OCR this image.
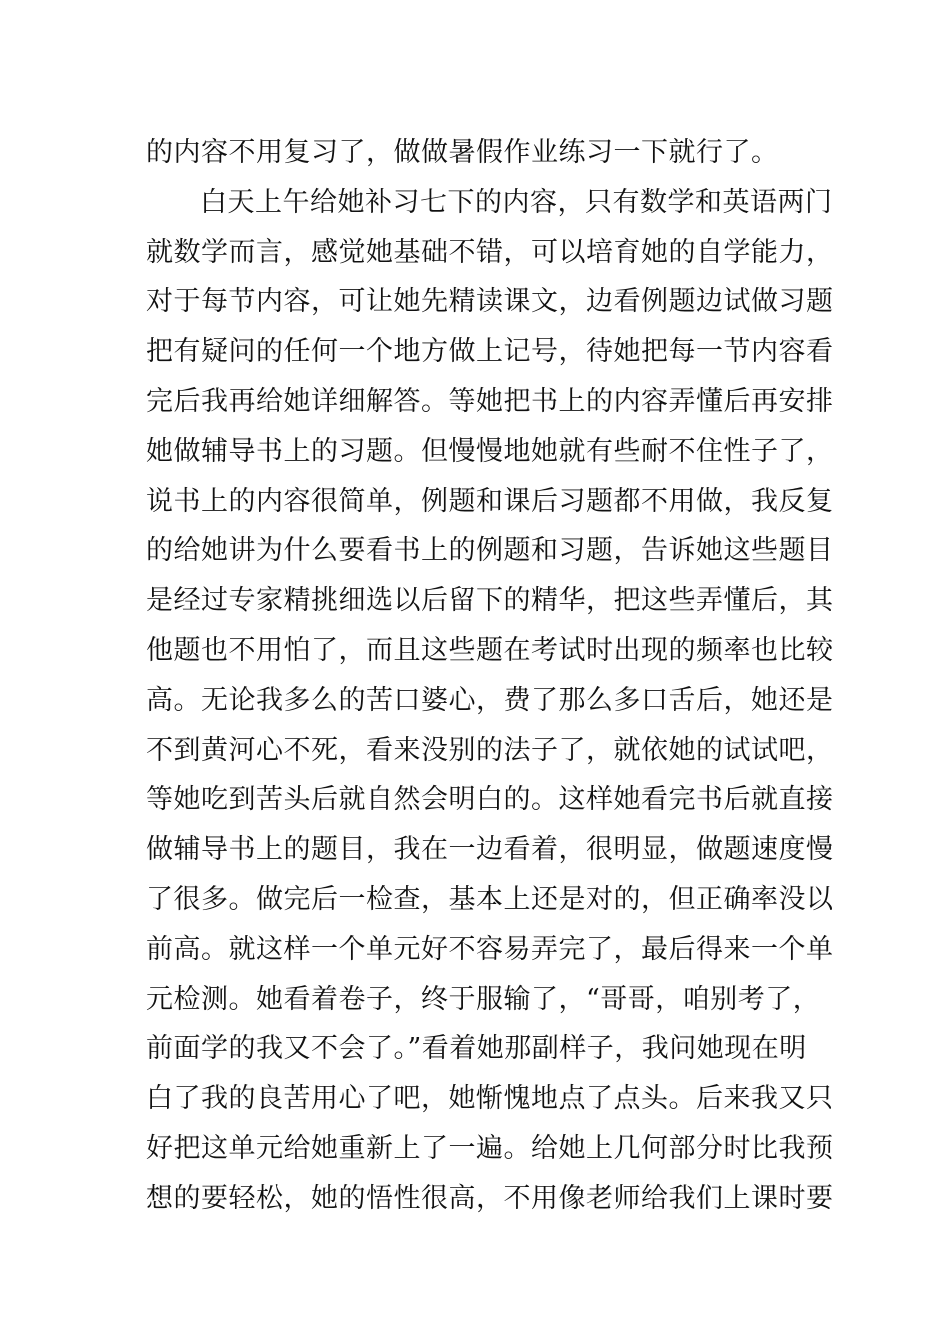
的内容不用复习了，做做暑假作业练习一下就行了。
白天上午给她补习七下的内容，只有数学和英语两门
就数学而言，感觉她基础不错，可以培育她的自学能力，
对于每节内容，可让她先精读课文，边看例题边试做习题
把有疑问的任何一个地方做上记号，待她把每一节内容看
完后我再给她详细解答。等她把书上的内容弄懂后再安排
她做辅导书上的习题。但慢慢地她就有些耐不住性子了，
说书上的内容很简单，例题和课后习题都不用做，我反复
的给她讲为什么要看书上的例题和习题，告诉她这些题目
是经过专家精挑细选以后留下的精华，把这些弄懂后，其
他题也不用怕了，而且这些题在考试时出现的频率也比较
高。无论我多么的苦口婆心，费了那么多口舌后，她还是
不到黄河心不死，看来没别的法子了，就依她的试试吧，
等她吃到苦头后就自然会明白的。这样她看完书后就直接
做辅导书上的题目，我在一边看着，很明显，做题速度慢
了很多。做完后一检查，基本上还是对的，但正确率没以
前高。就这样一个单元好不容易弄完了，最后得来一个单
元检测。她看着卷子，终于服输了，“哥哥，咱别考了，
前面学的我又不会了。”看着她那副样子，我问她现在明
白了我的良苦用心了吧，她惭愧地点了点头。后来我又只
好把这单元给她重新上了一遍。给她上几何部分时比我预
想的要轻松，她的悟性很高，不用像老师给我们上课时要
